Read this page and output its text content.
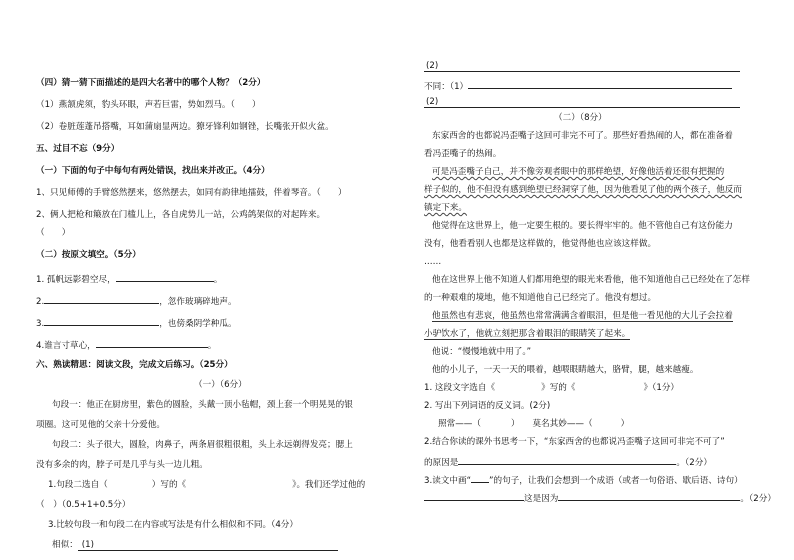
（四）猜一猜下面描述的是四大名著中的哪个人物？（2分）
（1）燕颔虎须，豹头环眼，声若巨雷，势如烈马。（　　）
（2）卷脏莲蓬吊搭嘴，耳如蒲扇显两边。獠牙锋利如钢锉，长嘴张开似火盆。
五、过目不忘（9分）
（一）下面的句子中每句有两处错误，找出来并改正。（4分）
1、只见师傅的手臂悠然摆来，悠然摆去，如同有韵律地擂鼓，伴着琴音。（　　）
2、俩人把枪和簸放在门槛儿上，各自虎势儿一站，公鸡鸽架似的对起阵来。
（　　）
（二）按原文填空。（5分）
1. 孤帆远影碧空尽，	。
2.	，忽作玻璃碎地声。
3.	，也傍桑阴学种瓜。
4.谁言寸草心，	。
六、熟读精思：阅读文段，完成文后练习。（25分）
（一）（6分）
句段一：他正在厨房里，紫色的圆脸，头戴一顶小毡帽，颈上套一个明晃晃的银
项圈。这可见他的父亲十分爱他。
句段二：头子很大，圆脸，肉鼻子，两条眉很粗很粗，头上永远剃得发亮；腮上
没有多余的肉，脖子可是几乎与头一边儿粗。
1.句段二选自（	）写的《	》。我们还学过他的
（　）（0.5+1+0.5分）
3.比较句段一和句段二在内容或写法是有什么相似和不同。（4分）
相似： (1)
(2)
不同：（1）
(2)
（二）（8分）
东家西舍的也都说冯歪嘴子这回可非完不可了。那些好看热闹的人，都在准备着
看冯歪嘴子的热闹。
可是冯歪嘴子自己，并不像旁观者眼中的那样绝望，好像他活着还很有把握的
样子似的，他不但没有感到绝望已经洞穿了他，因为他看见了他的两个孩子，他反而
镇定下来。
他觉得在这世界上，他一定要生根的。要长得牢牢的。他不管他自己有这份能力
没有，他看看别人也都是这样做的，他觉得他也应该这样做。
……
他在这世界上他不知道人们都用绝望的眼光来看他，他不知道他自己已经处在了怎样
的一种艰难的境地，他不知道他自己已经完了。他没有想过。
他虽然也有悲哀，他虽然也常常满满含着眼泪，但是他一看见他的大儿子会拉着
小驴饮水了，他就立刻把那含着眼泪的眼睛笑了起来。
他说：“慢慢地就中用了。”
他的小儿子，一天一天的喂着，越喂眼睛越大，胳臂，腿，越来越瘦。
1. 这段文字选自《	》写的《	》（1分）
2. 写出下列词语的反义词。(2分)
照常——（	）　　莫名其妙——（	）
2.结合你读的课外书思考一下，“东家西舍的也都说冯歪嘴子这回可非完不可了”
的原因是	。（2分）
3.读文中画“ ”的句子，让我们会想到一个成语（或者一句俗语、歇后语、诗句）
这是因为	。（2分）
